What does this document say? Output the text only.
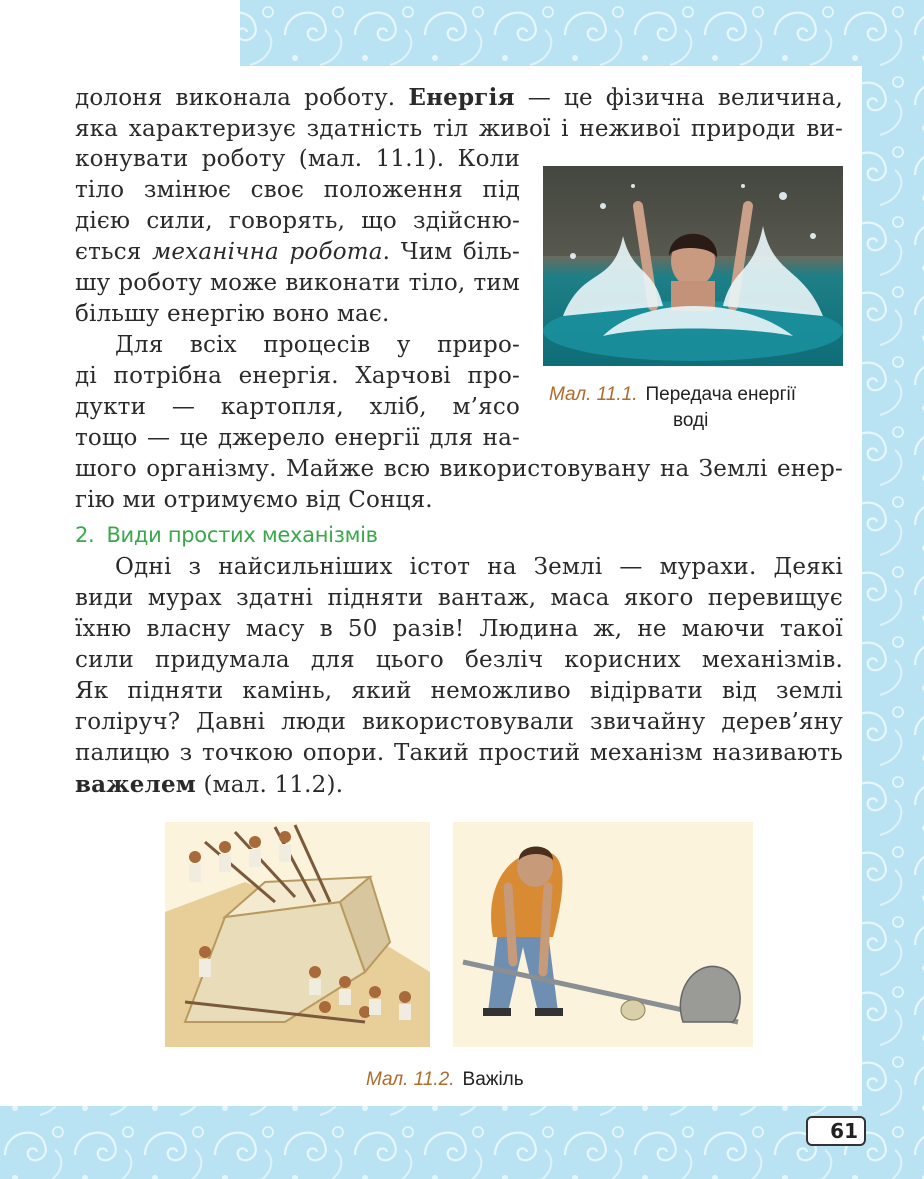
долоня виконала роботу. Енергія — це фізична величина,
яка характеризує здатність тіл живої і неживої природи ви-
конувати роботу (мал. 11.1). Коли
тіло змінює своє положення під
дією сили, говорять, що здійсню-
ється механічна робота. Чим біль-
шу роботу може виконати тіло, тим
більшу енергію воно має.
Для всіх процесів у приро-
ді потрібна енергія. Харчові про-
дукти — картопля, хліб, м’ясо
тощо — це джерело енергії для на-
шого організму. Майже всю використовувану на Землі енер-
гію ми отримуємо від Сонця.
Мал. 11.1. Передача енергії
воді
2. Види простих механізмів
Одні з найсильніших істот на Землі — мурахи. Деякі
види мурах здатні підняти вантаж, маса якого перевищує
їхню власну масу в 50 разів! Людина ж, не маючи такої
сили придумала для цього безліч корисних механізмів.
Як підняти камінь, який неможливо відірвати від землі
голіруч? Давні люди використовували звичайну дерев’яну
палицю з точкою опори. Такий простий механізм називають
важелем (мал. 11.2).
Мал. 11.2. Важіль
61
